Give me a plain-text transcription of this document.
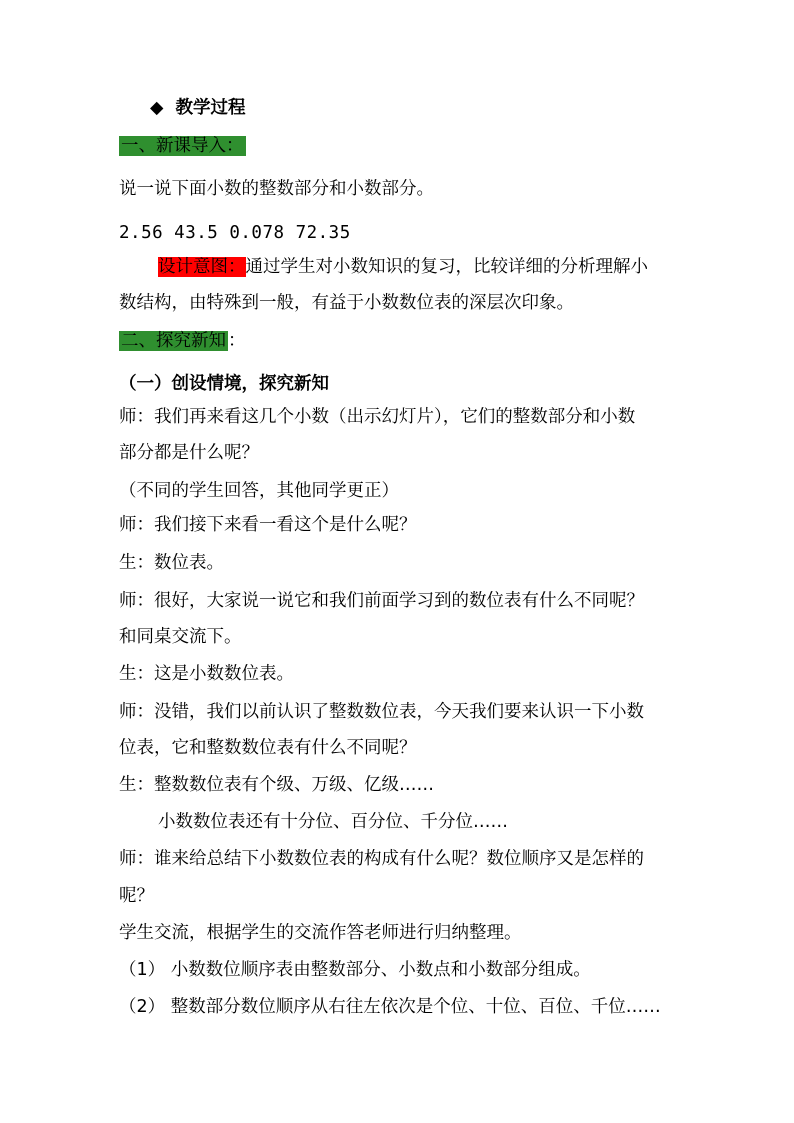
◆ 教学过程
一、新课导入：
说一说下面小数的整数部分和小数部分。
2.56 43.5 0.078 72.35
设计意图：通过学生对小数知识的复习，比较详细的分析理解小
数结构，由特殊到一般，有益于小数数位表的深层次印象。
二、探究新知 ：
（一）创设情境，探究新知
师：我们再来看这几个小数（出示幻灯片），它们的整数部分和小数
部分都是什么呢？
（不同的学生回答，其他同学更正）
师：我们接下来看一看这个是什么呢？
生：数位表。
师：很好，大家说一说它和我们前面学习到的数位表有什么不同呢？
和同桌交流下。
生：这是小数数位表。
师：没错，我们以前认识了整数数位表，今天我们要来认识一下小数
位表，它和整数数位表有什么不同呢？
生：整数数位表有个级、万级、亿级……
小数数位表还有十分位、百分位、千分位……
师：谁来给总结下小数数位表的构成有什么呢？数位顺序又是怎样的
呢？
学生交流，根据学生的交流作答老师进行归纳整理。
（1） 小数数位顺序表由整数部分、小数点和小数部分组成。
（2） 整数部分数位顺序从右往左依次是个位、十位、百位、千位……
